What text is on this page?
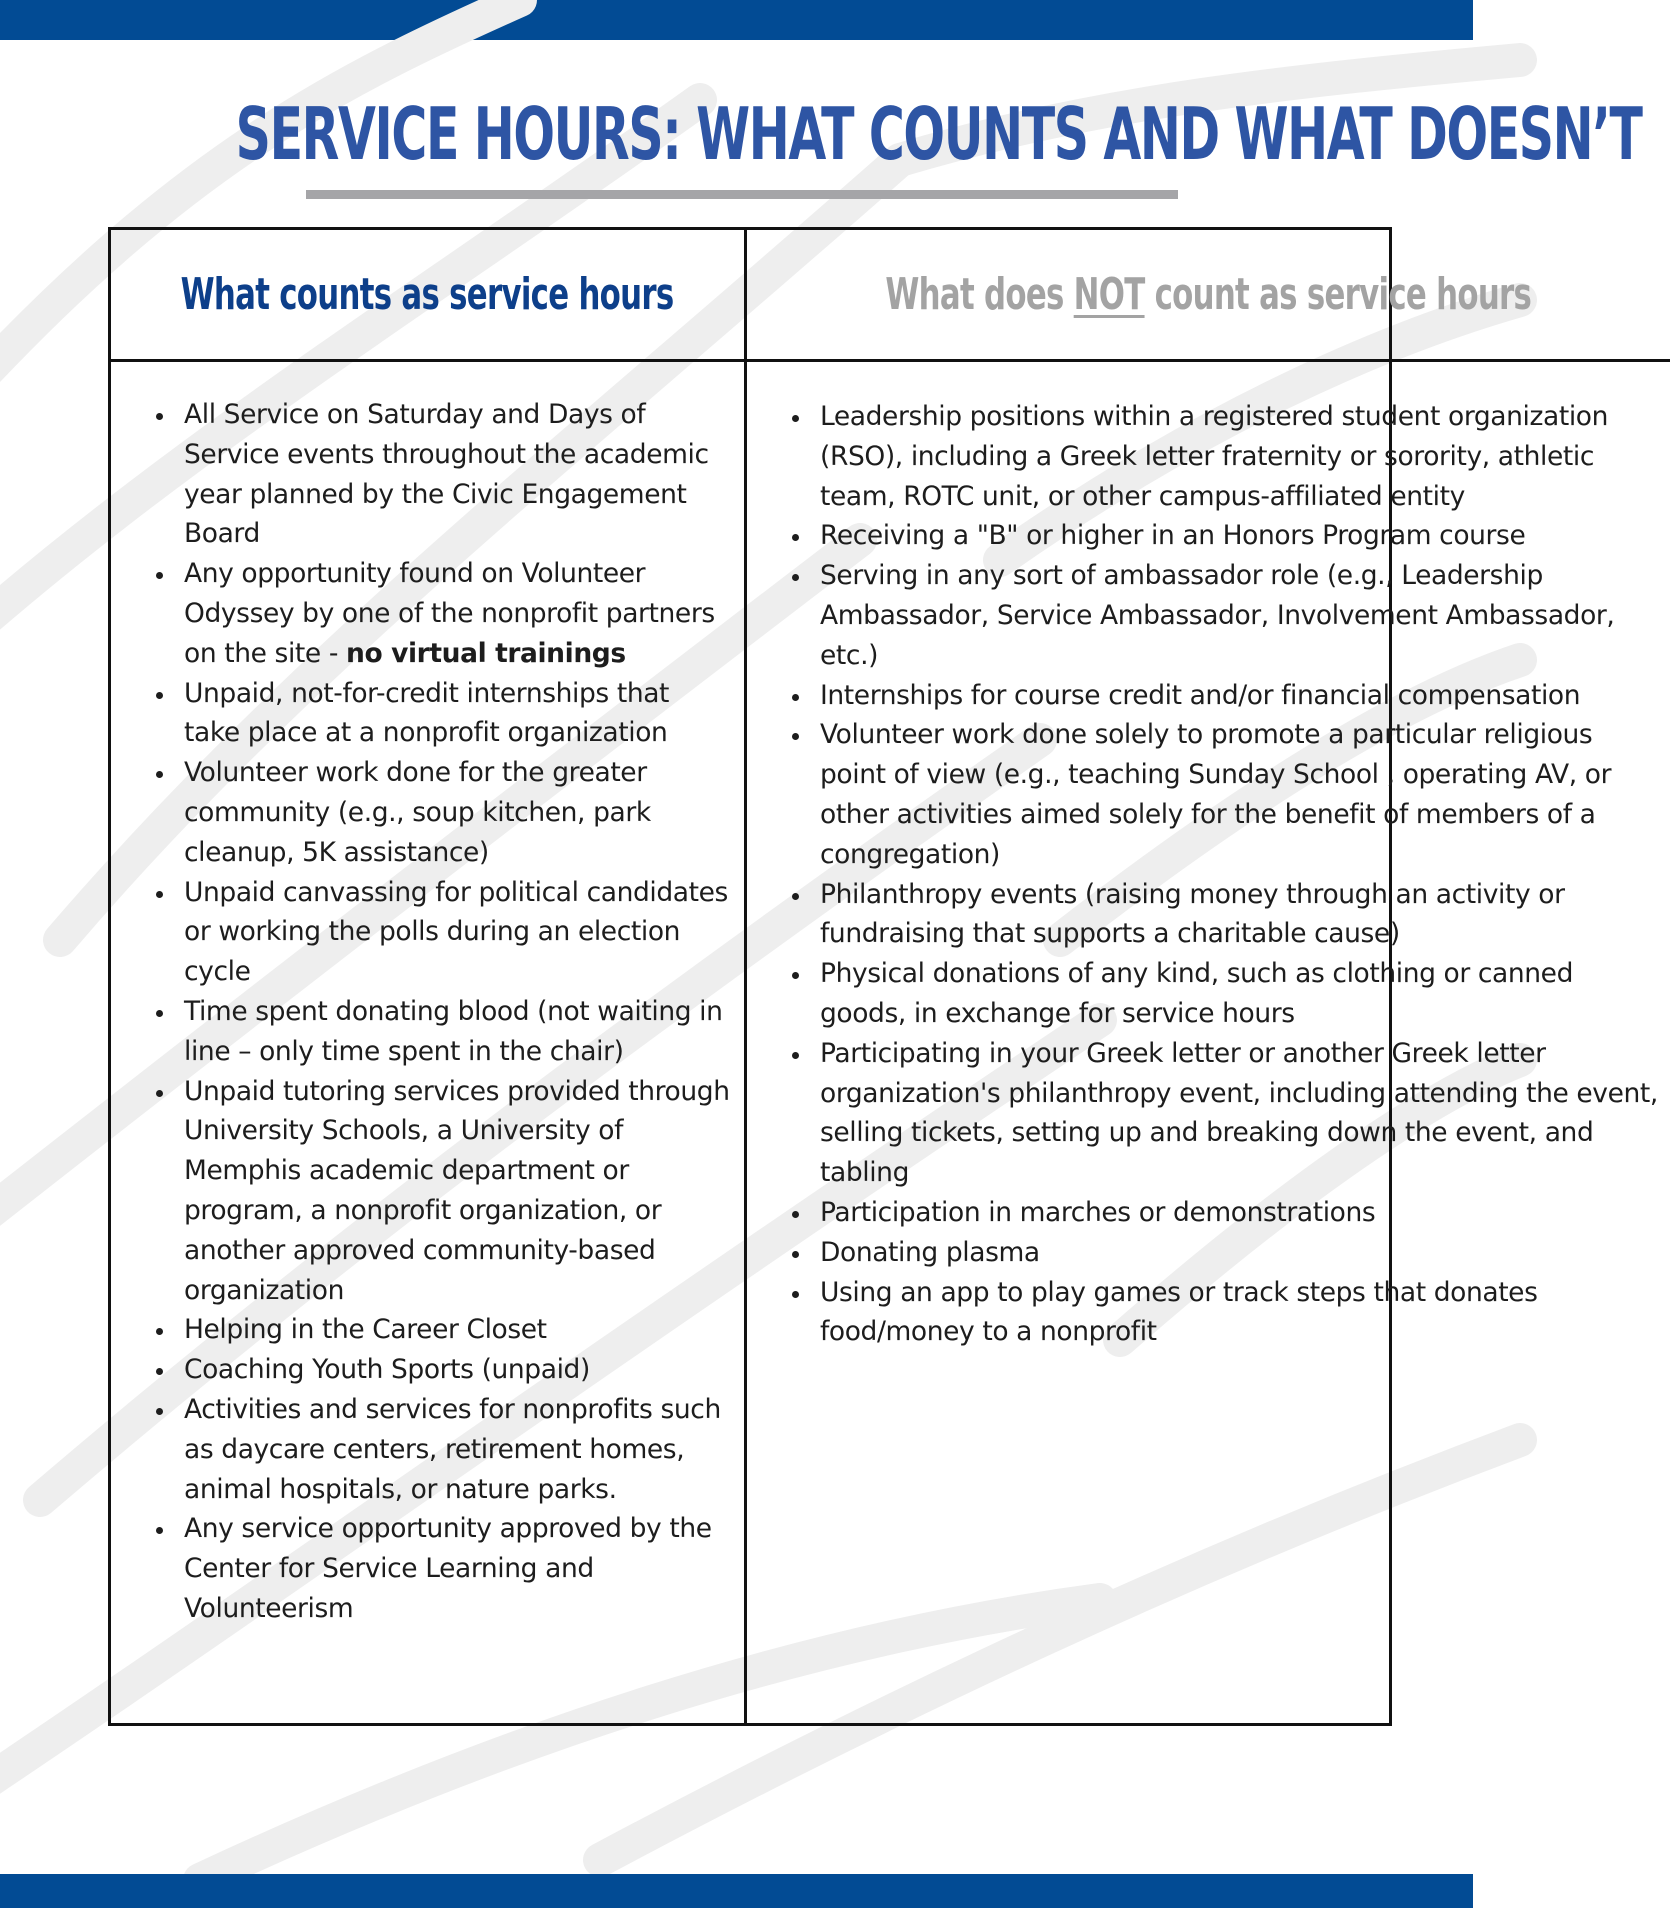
SERVICE HOURS: WHAT COUNTS AND WHAT DOESN’T
What counts as service hours	What does NOT count as service hours
All Service on Saturday and Days of Service events throughout the academic year planned by the Civic Engagement Board
Any opportunity found on Volunteer Odyssey by one of the nonprofit partners on the site - no virtual trainings
Unpaid, not-for-credit internships that take place at a nonprofit organization
Volunteer work done for the greater community (e.g., soup kitchen, park cleanup, 5K assistance)
Unpaid canvassing for political candidates or working the polls during an election cycle
Time spent donating blood (not waiting in line – only time spent in the chair)
Unpaid tutoring services provided through University Schools, a University of Memphis academic department or program, a nonprofit organization, or another approved community-based organization
Helping in the Career Closet
Coaching Youth Sports (unpaid)
Activities and services for nonprofits such as daycare centers, retirement homes, animal hospitals, or nature parks.
Any service opportunity approved by the Center for Service Learning and Volunteerism
Leadership positions within a registered student organization (RSO), including a Greek letter fraternity or sorority, athletic team, ROTC unit, or other campus-affiliated entity
Receiving a "B" or higher in an Honors Program course
Serving in any sort of ambassador role (e.g., Leadership Ambassador, Service Ambassador, Involvement Ambassador, etc.)
Internships for course credit and/or financial compensation
Volunteer work done solely to promote a particular religious point of view (e.g., teaching Sunday School , operating AV, or other activities aimed solely for the benefit of members of a congregation)
Philanthropy events (raising money through an activity or fundraising that supports a charitable cause)
Physical donations of any kind, such as clothing or canned goods, in exchange for service hours
Participating in your Greek letter or another Greek letter organization's philanthropy event, including attending the event, selling tickets, setting up and breaking down the event, and tabling
Participation in marches or demonstrations
Donating plasma
Using an app to play games or track steps that donates food/money to a nonprofit
